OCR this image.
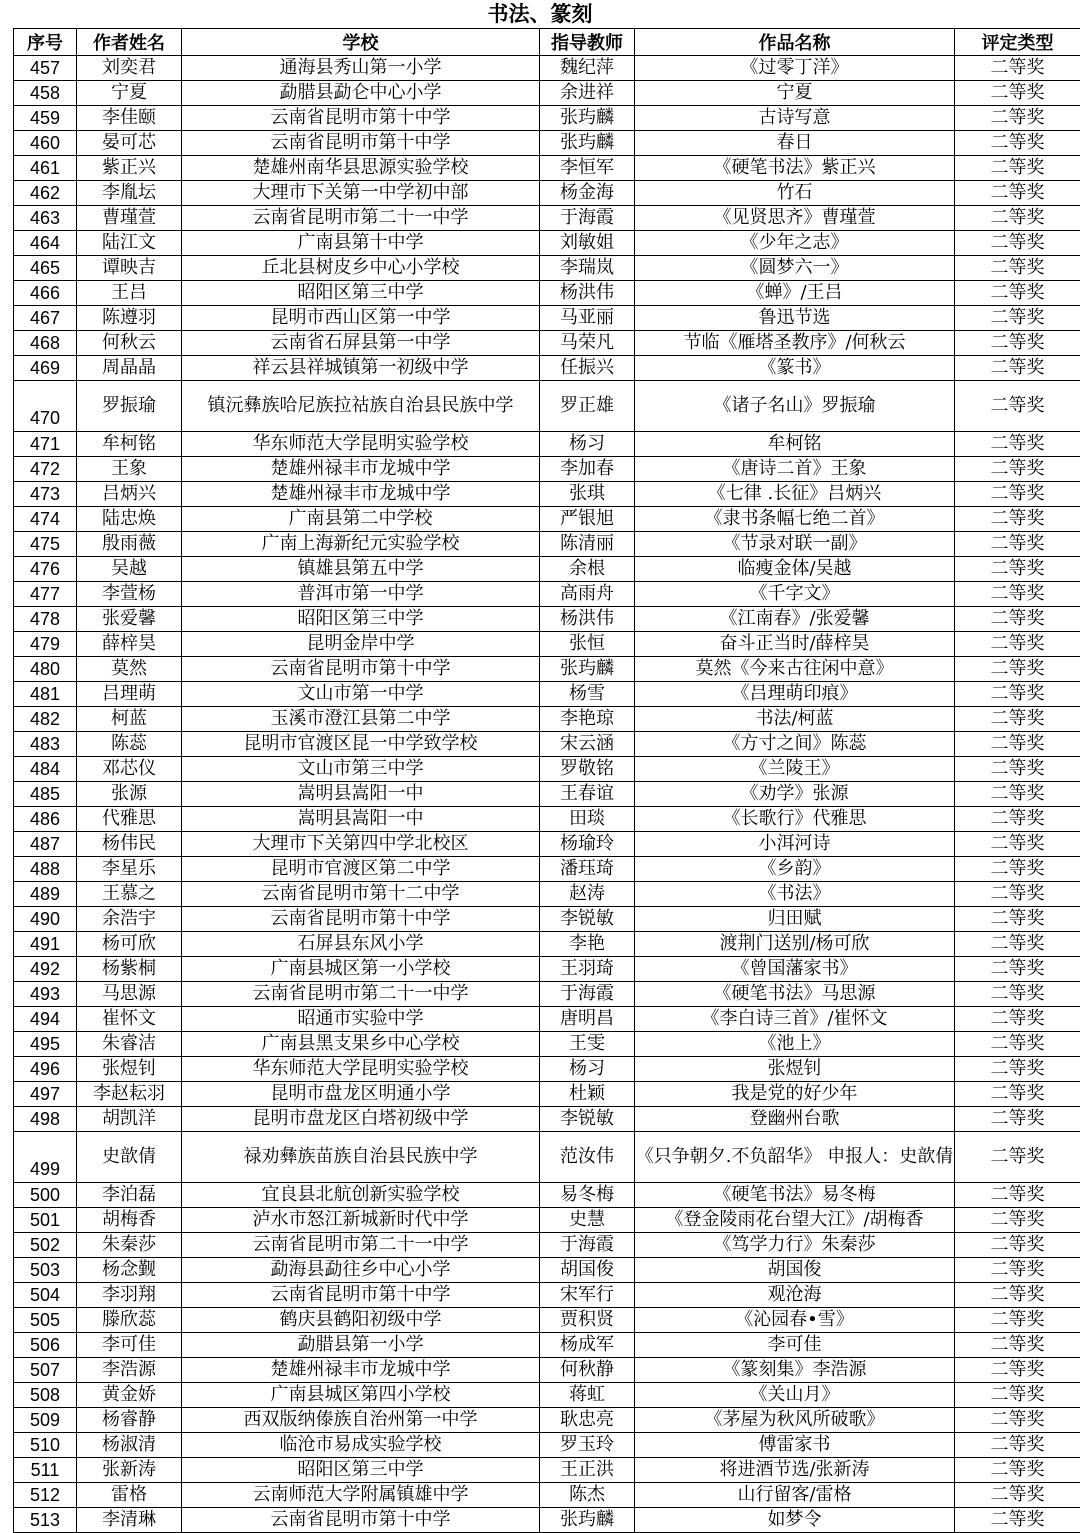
书法、篆刻
序号	作者姓名	学校	指导教师	作品名称	评定类型
457	刘奕君	通海县秀山第一小学	魏纪萍	《过零丁洋》	二等奖
458	宁夏	勐腊县勐仑中心小学	余进祥	宁夏	二等奖
459	李佳颐	云南省昆明市第十中学	张玙麟	古诗写意	二等奖
460	晏可芯	云南省昆明市第十中学	张玙麟	春日	二等奖
461	紫正兴	楚雄州南华县思源实验学校	李恒军	《硬笔书法》紫正兴	二等奖
462	李胤坛	大理市下关第一中学初中部	杨金海	竹石	二等奖
463	曹瑾萱	云南省昆明市第二十一中学	于海霞	《见贤思齐》曹瑾萱	二等奖
464	陆江文	广南县第十中学	刘敏姐	《少年之志》	二等奖
465	谭映吉	丘北县树皮乡中心小学校	李瑞岚	《圆梦六一》	二等奖
466	王吕	昭阳区第三中学	杨洪伟	《蝉》/王吕	二等奖
467	陈遵羽	昆明市西山区第一中学	马亚丽	鲁迅节选	二等奖
468	何秋云	云南省石屏县第一中学	马荣凡	节临《雁塔圣教序》/何秋云	二等奖
469	周晶晶	祥云县祥城镇第一初级中学	任振兴	《篆书》	二等奖
470	罗振瑜	镇沅彝族哈尼族拉祜族自治县民族中学	罗正雄	《诸子名山》罗振瑜	二等奖
471	牟柯铭	华东师范大学昆明实验学校	杨习	牟柯铭	二等奖
472	王象	楚雄州禄丰市龙城中学	李加春	《唐诗二首》王象	二等奖
473	吕炳兴	楚雄州禄丰市龙城中学	张琪	《七律 .长征》吕炳兴	二等奖
474	陆忠焕	广南县第二中学校	严银旭	《隶书条幅七绝二首》	二等奖
475	殷雨薇	广南上海新纪元实验学校	陈清丽	《节录对联一副》	二等奖
476	吴越	镇雄县第五中学	余根	临瘦金体/吴越	二等奖
477	李萱杨	普洱市第一中学	高雨舟	《千字文》	二等奖
478	张爱馨	昭阳区第三中学	杨洪伟	《江南春》/张爱馨	二等奖
479	薛梓昊	昆明金岸中学	张恒	奋斗正当时/薛梓昊	二等奖
480	莫然	云南省昆明市第十中学	张玙麟	莫然《今来古往闲中意》	二等奖
481	吕理萌	文山市第一中学	杨雪	《吕理萌印痕》	二等奖
482	柯蓝	玉溪市澄江县第二中学	李艳琼	书法/柯蓝	二等奖
483	陈蕊	昆明市官渡区昆一中学致学校	宋云涵	《方寸之间》陈蕊	二等奖
484	邓芯仪	文山市第三中学	罗敬铭	《兰陵王》	二等奖
485	张源	嵩明县嵩阳一中	王春谊	《劝学》张源	二等奖
486	代雅思	嵩明县嵩阳一中	田琰	《长歌行》代雅思	二等奖
487	杨伟民	大理市下关第四中学北校区	杨瑜玲	小洱河诗	二等奖
488	李星乐	昆明市官渡区第二中学	潘珏琦	《乡韵》	二等奖
489	王慕之	云南省昆明市第十二中学	赵涛	《书法》	二等奖
490	余浩宇	云南省昆明市第十中学	李锐敏	归田赋	二等奖
491	杨可欣	石屏县东风小学	李艳	渡荆门送别/杨可欣	二等奖
492	杨紫桐	广南县城区第一小学校	王羽琦	《曾国藩家书》	二等奖
493	马思源	云南省昆明市第二十一中学	于海霞	《硬笔书法》马思源	二等奖
494	崔怀文	昭通市实验中学	唐明昌	《李白诗三首》/崔怀文	二等奖
495	朱睿洁	广南县黑支果乡中心学校	王雯	《池上》	二等奖
496	张煜钊	华东师范大学昆明实验学校	杨习	张煜钊	二等奖
497	李赵耘羽	昆明市盘龙区明通小学	杜颖	我是党的好少年	二等奖
498	胡凯洋	昆明市盘龙区白塔初级中学	李锐敏	登幽州台歌	二等奖
499	史歆倩	禄劝彝族苗族自治县民族中学	范汝伟	《只争朝夕.不负韶华》 申报人：史歆倩	二等奖
500	李泊磊	宜良县北航创新实验学校	易冬梅	《硬笔书法》易冬梅	二等奖
501	胡梅香	泸水市怒江新城新时代中学	史慧	《登金陵雨花台望大江》/胡梅香	二等奖
502	朱秦莎	云南省昆明市第二十一中学	于海霞	《笃学力行》朱秦莎	二等奖
503	杨念觐	勐海县勐往乡中心小学	胡国俊	胡国俊	二等奖
504	李羽翔	云南省昆明市第十中学	宋军行	观沧海	二等奖
505	滕欣蕊	鹤庆县鹤阳初级中学	贾积贤	《沁园春•雪》	二等奖
506	李可佳	勐腊县第一小学	杨成军	李可佳	二等奖
507	李浩源	楚雄州禄丰市龙城中学	何秋静	《篆刻集》李浩源	二等奖
508	黄金娇	广南县城区第四小学校	蒋虹	《关山月》	二等奖
509	杨睿静	西双版纳傣族自治州第一中学	耿忠亮	《茅屋为秋风所破歌》	二等奖
510	杨淑清	临沧市易成实验学校	罗玉玲	傅雷家书	二等奖
511	张新涛	昭阳区第三中学	王正洪	将进酒节选/张新涛	二等奖
512	雷格	云南师范大学附属镇雄中学	陈杰	山行留客/雷格	二等奖
513	李清琳	云南省昆明市第十中学	张玙麟	如梦令	二等奖
